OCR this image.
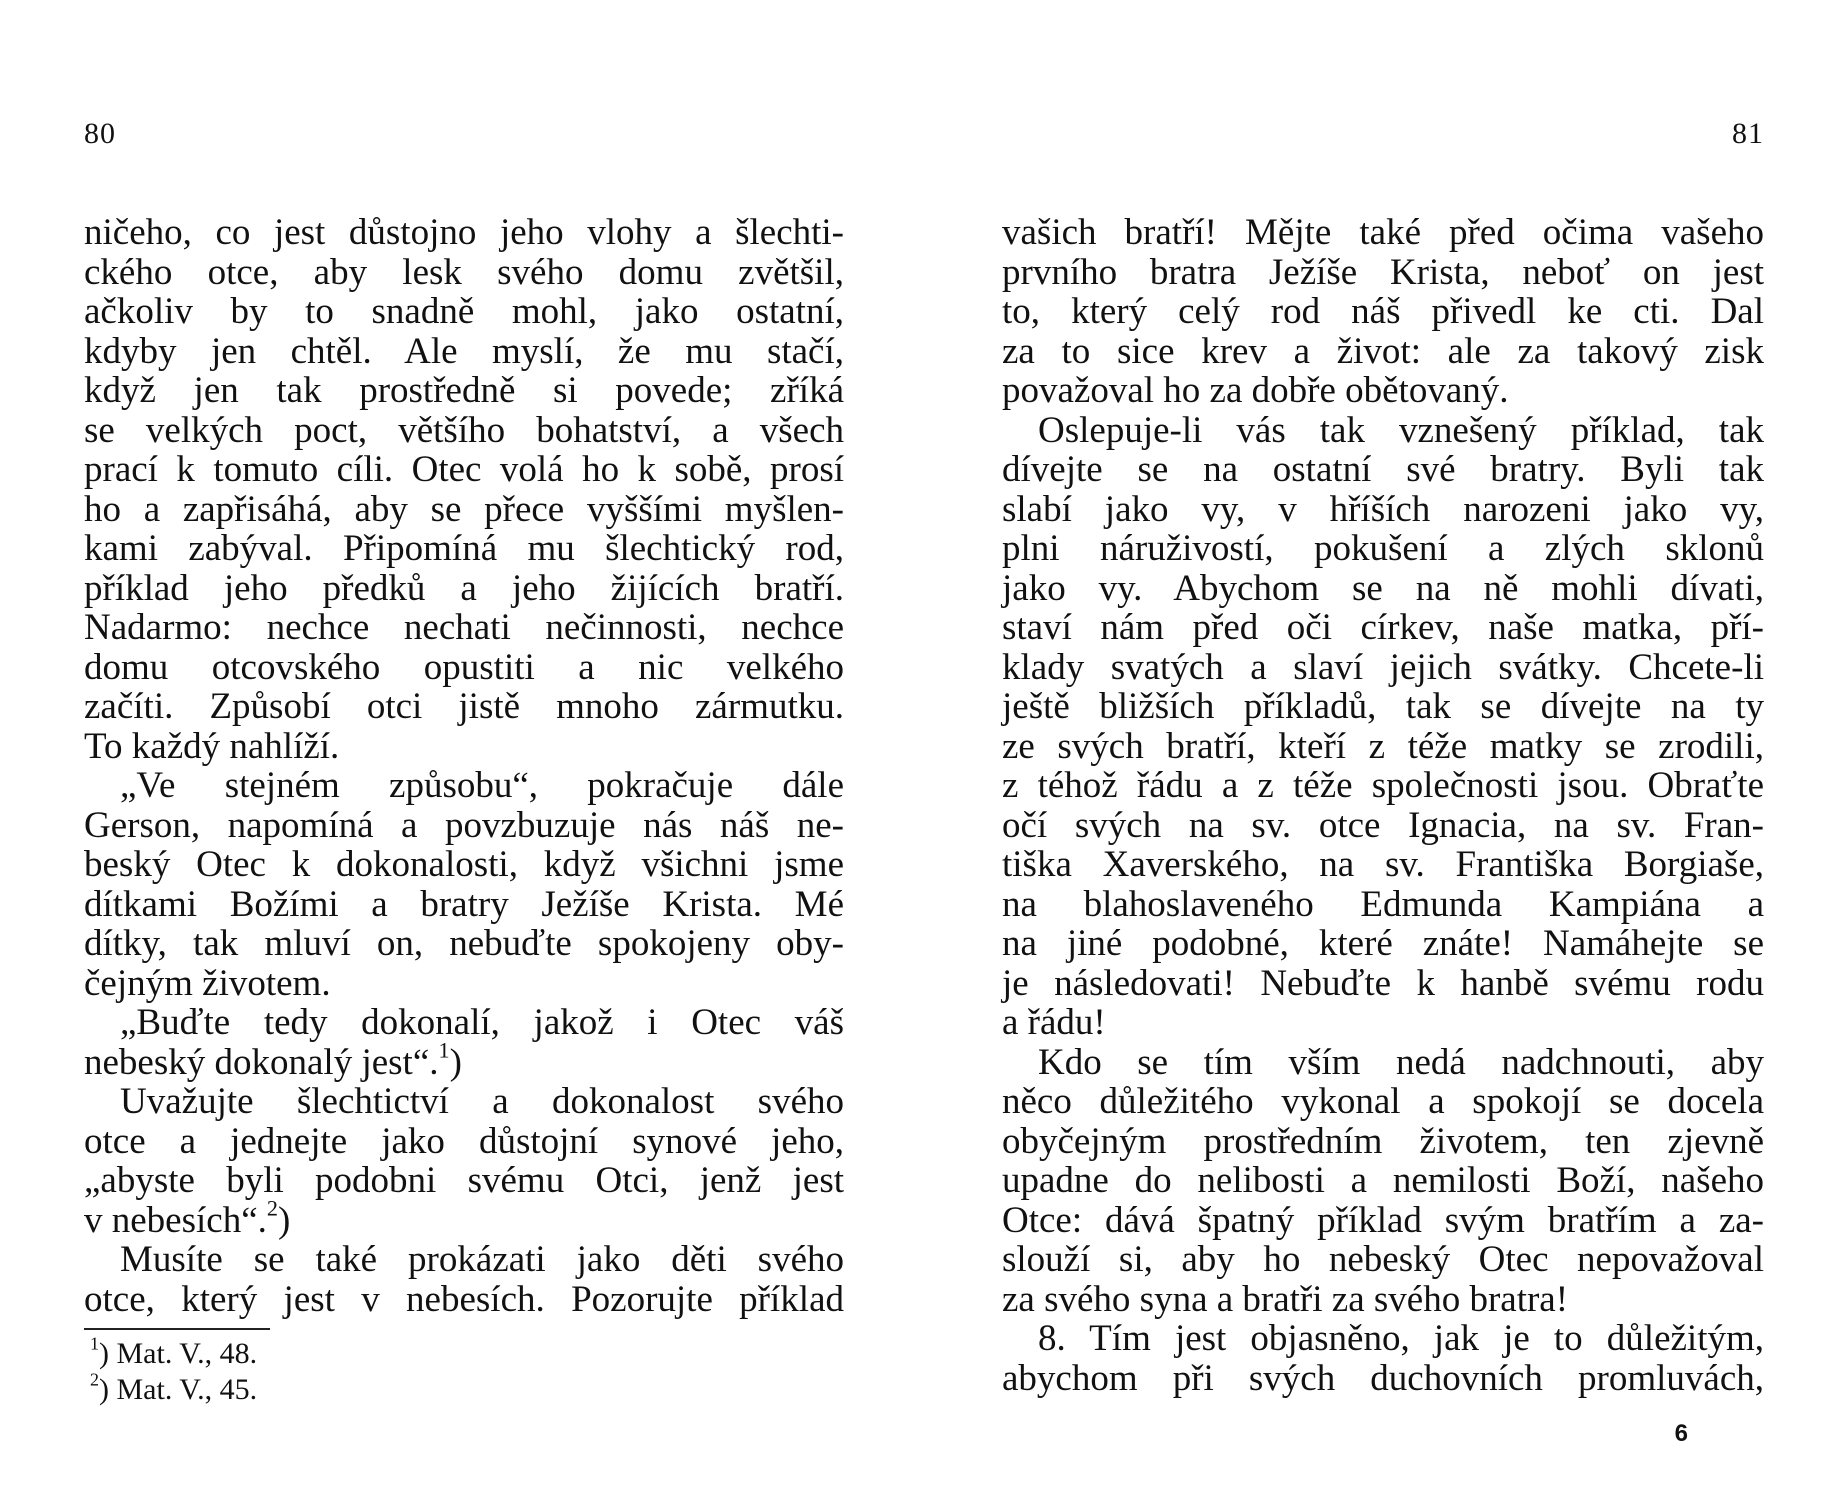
80
ničeho, co jest důstojno jeho vlohy a šlechti-
ckého otce, aby lesk svého domu zvětšil,
ačkoliv by to snadně mohl, jako ostatní,
kdyby jen chtěl. Ale myslí, že mu stačí,
když jen tak prostředně si povede; zříká
se velkých poct, většího bohatství, a všech
prací k tomuto cíli. Otec volá ho k sobě, prosí
ho a zapřisáhá, aby se přece vyššími myšlen-
kami zabýval. Připomíná mu šlechtický rod,
příklad jeho předků a jeho žijících bratří.
Nadarmo: nechce nechati nečinnosti, nechce
domu otcovského opustiti a nic velkého
začíti. Způsobí otci jistě mnoho zármutku.
To každý nahlíží.
„Ve stejném způsobu“, pokračuje dále
Gerson, napomíná a povzbuzuje nás náš ne-
beský Otec k dokonalosti, když všichni jsme
dítkami Božími a bratry Ježíše Krista. Mé
dítky, tak mluví on, nebuďte spokojeny oby-
čejným životem.
„Buďte tedy dokonalí, jakož i Otec váš
nebeský dokonalý jest“.$^1$)
Uvažujte šlechtictví a dokonalost svého
otce a jednejte jako důstojní synové jeho,
„abyste byli podobni svému Otci, jenž jest
v nebesích“.$^2$)
Musíte se také prokázati jako děti svého
otce, který jest v nebesích. Pozorujte příklad
$^1$) Mat. V., 48.
$^2$) Mat. V., 45.
81
vašich bratří! Mějte také před očima vašeho
prvního bratra Ježíše Krista, neboť on jest
to, který celý rod náš přivedl ke cti. Dal
za to sice krev a život: ale za takový zisk
považoval ho za dobře obětovaný.
Oslepuje-li vás tak vznešený příklad, tak
dívejte se na ostatní své bratry. Byli tak
slabí jako vy, v hříších narozeni jako vy,
plni náruživostí, pokušení a zlých sklonů
jako vy. Abychom se na ně mohli dívati,
staví nám před oči církev, naše matka, pří-
klady svatých a slaví jejich svátky. Chcete-li
ještě bližších příkladů, tak se dívejte na ty
ze svých bratří, kteří z téže matky se zrodili,
z téhož řádu a z téže společnosti jsou. Obraťte
očí svých na sv. otce Ignacia, na sv. Fran-
tiška Xaverského, na sv. Františka Borgiaše,
na blahoslaveného Edmunda Kampiána a
na jiné podobné, které znáte! Namáhejte se
je následovati! Nebuďte k hanbě svému rodu
a řádu!
Kdo se tím vším nedá nadchnouti, aby
něco důležitého vykonal a spokojí se docela
obyčejným prostředním životem, ten zjevně
upadne do nelibosti a nemilosti Boží, našeho
Otce: dává špatný příklad svým bratřím a za-
slouží si, aby ho nebeský Otec nepovažoval
za svého syna a bratři za svého bratra!
8. Tím jest objasněno, jak je to důležitým,
abychom při svých duchovních promluvách,
6
